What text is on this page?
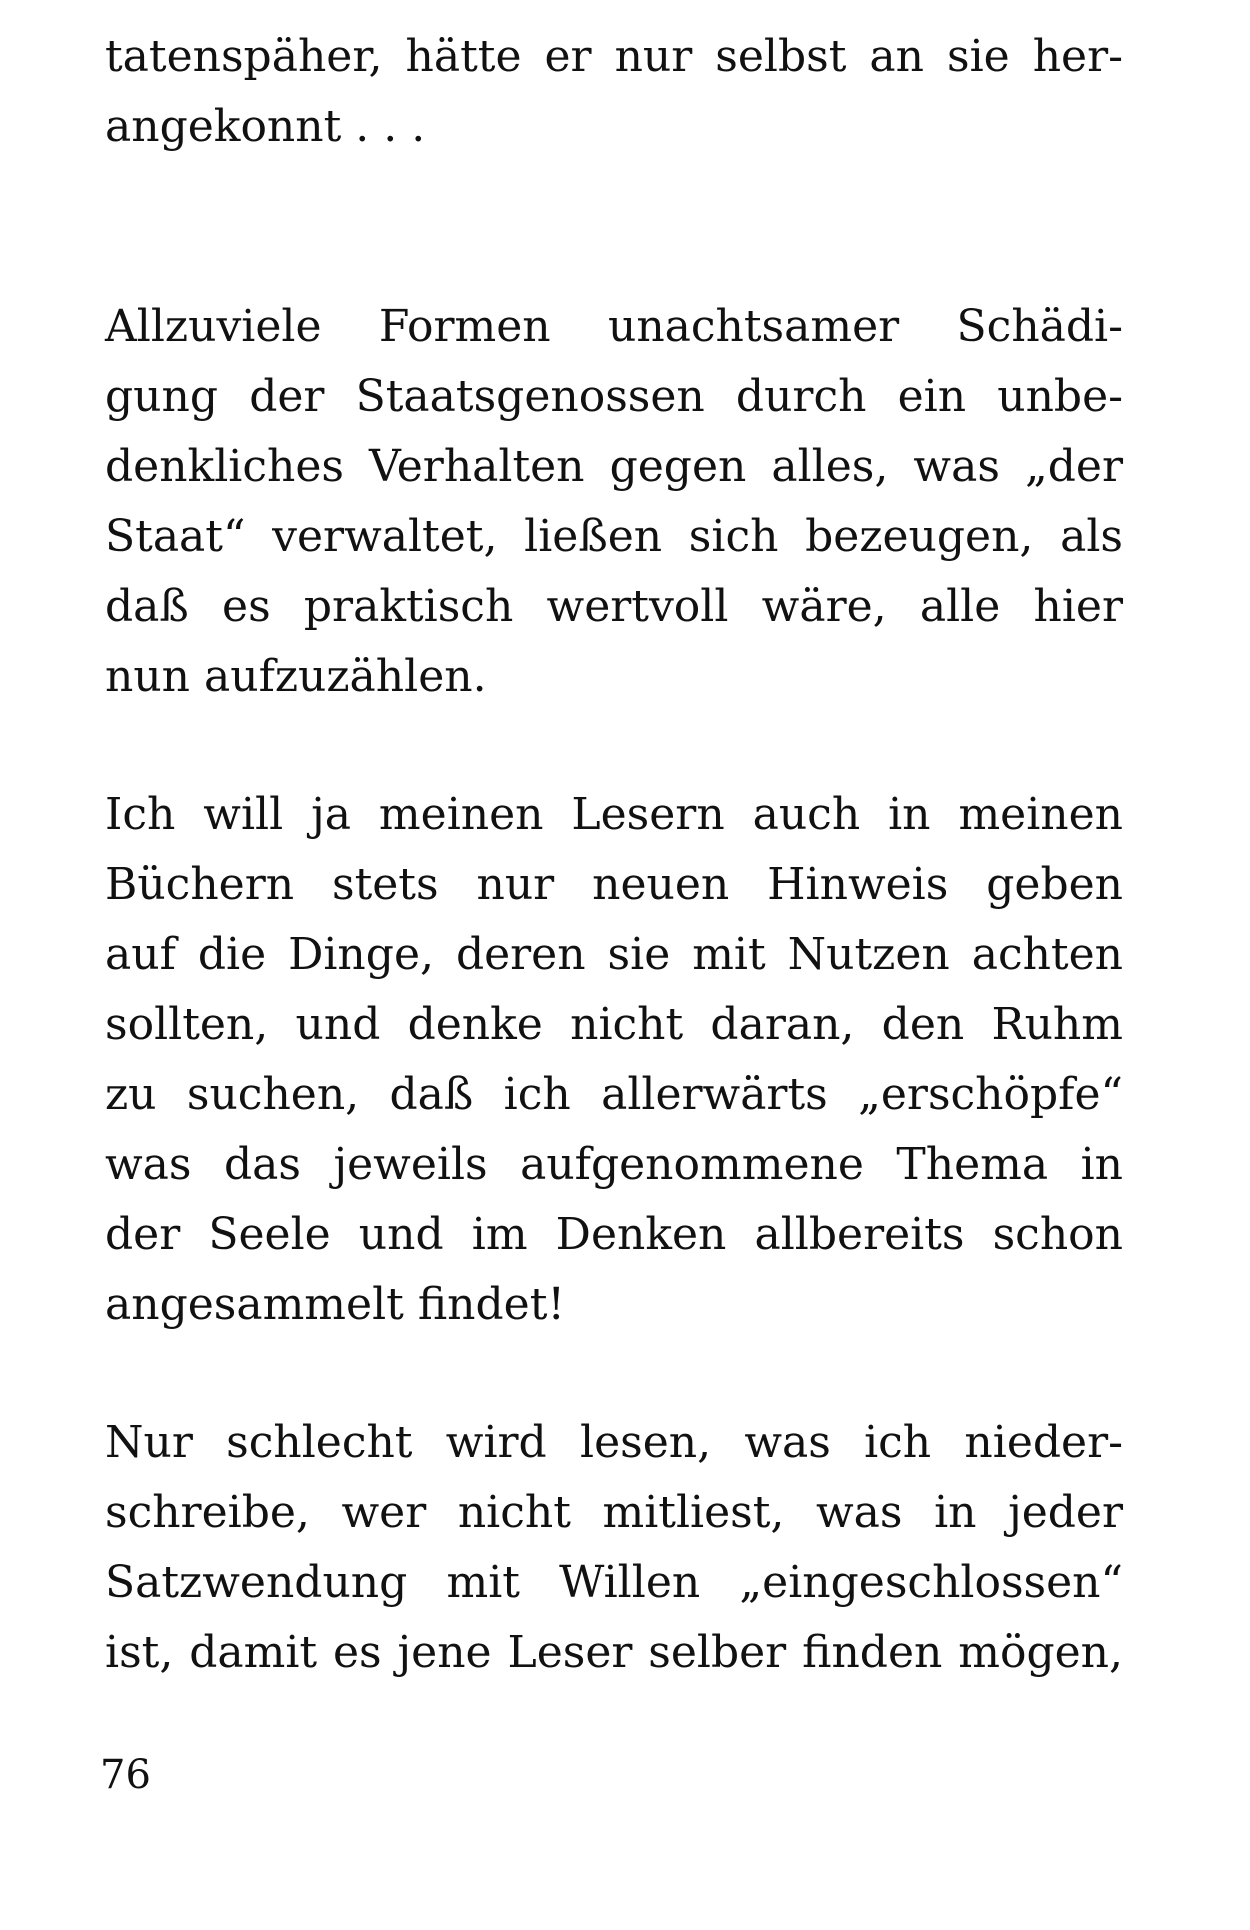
tatenspäher, hätte er nur selbst an sie her-
angekonnt . . .
Allzuviele Formen unachtsamer Schädi-
gung der Staatsgenossen durch ein unbe-
denkliches Verhalten gegen alles, was „der
Staat“ verwaltet, ließen sich bezeugen, als
daß es praktisch wertvoll wäre, alle hier
nun aufzuzählen.
Ich will ja meinen Lesern auch in meinen
Büchern stets nur neuen Hinweis geben
auf die Dinge, deren sie mit Nutzen achten
sollten, und denke nicht daran, den Ruhm
zu suchen, daß ich allerwärts „erschöpfe“
was das jeweils aufgenommene Thema in
der Seele und im Denken allbereits schon
angesammelt findet!
Nur schlecht wird lesen, was ich nieder-
schreibe, wer nicht mitliest, was in jeder
Satzwendung mit Willen „eingeschlossen“
ist, damit es jene Leser selber finden mögen,
76
